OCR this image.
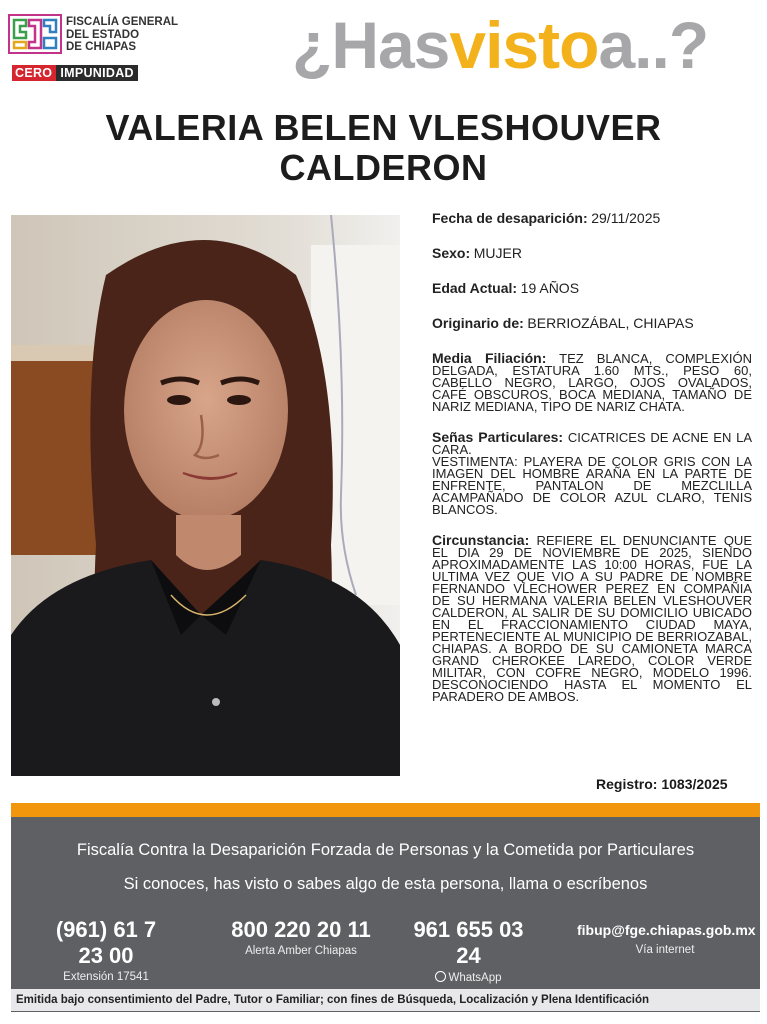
FISCALÍA GENERAL
DEL ESTADO
DE CHIAPAS
CERO IMPUNIDAD ¿Hasvistoa..?
VALERIA BELEN VLESHOUVER
CALDERON
Fecha de desaparición: 29/11/2025
Sexo: MUJER
Edad Actual: 19 AÑOS
Originario de: BERRIOZÁBAL, CHIAPAS
Media Filiación: TEZ BLANCA, COMPLEXIÓN DELGADA, ESTATURA 1.60 MTS., PESO 60, CABELLO NEGRO, LARGO, OJOS OVALADOS, CAFÉ OBSCUROS, BOCA MEDIANA, TAMAÑO DE NARIZ MEDIANA, TIPO DE NARIZ CHATA.
Señas Particulares: CICATRICES DE ACNE EN LA CARA.
VESTIMENTA: PLAYERA DE COLOR GRIS CON LA IMAGEN DEL HOMBRE ARAÑA EN LA PARTE DE ENFRENTE, PANTALON DE MEZCLILLA ACAMPAÑADO DE COLOR AZUL CLARO, TENIS BLANCOS.
Circunstancia: REFIERE EL DENUNCIANTE QUE EL DIA 29 DE NOVIEMBRE DE 2025, SIENDO APROXIMADAMENTE LAS 10:00 HORAS, FUE LA ULTIMA VEZ QUE VIO A SU PADRE DE NOMBRE FERNANDO VLECHOWER PEREZ EN COMPAÑIA DE SU HERMANA VALERIA BELEN VLESHOUVER CALDERON, AL SALIR DE SU DOMICILIO UBICADO EN EL FRACCIONAMIENTO CIUDAD MAYA, PERTENECIENTE AL MUNICIPIO DE BERRIOZABAL, CHIAPAS. A BORDO DE SU CAMIONETA MARCA GRAND CHEROKEE LAREDO, COLOR VERDE MILITAR, CON COFRE NEGRO, MODELO 1996. DESCONOCIENDO HASTA EL MOMENTO EL PARADERO DE AMBOS.
Registro: 1083/2025
Fiscalía Contra la Desaparición Forzada de Personas y la Cometida por Particulares
Si conoces, has visto o sabes algo de esta persona, llama o escríbenos
(961) 61 7 23 00
Extensión 17541
800 220 20 11
Alerta Amber Chiapas
961 655 03 24
WhatsApp
fibup@fge.chiapas.gob.mx
Vía internet
Emitida bajo consentimiento del Padre, Tutor o Familiar; con fines de Búsqueda, Localización y Plena Identificación
